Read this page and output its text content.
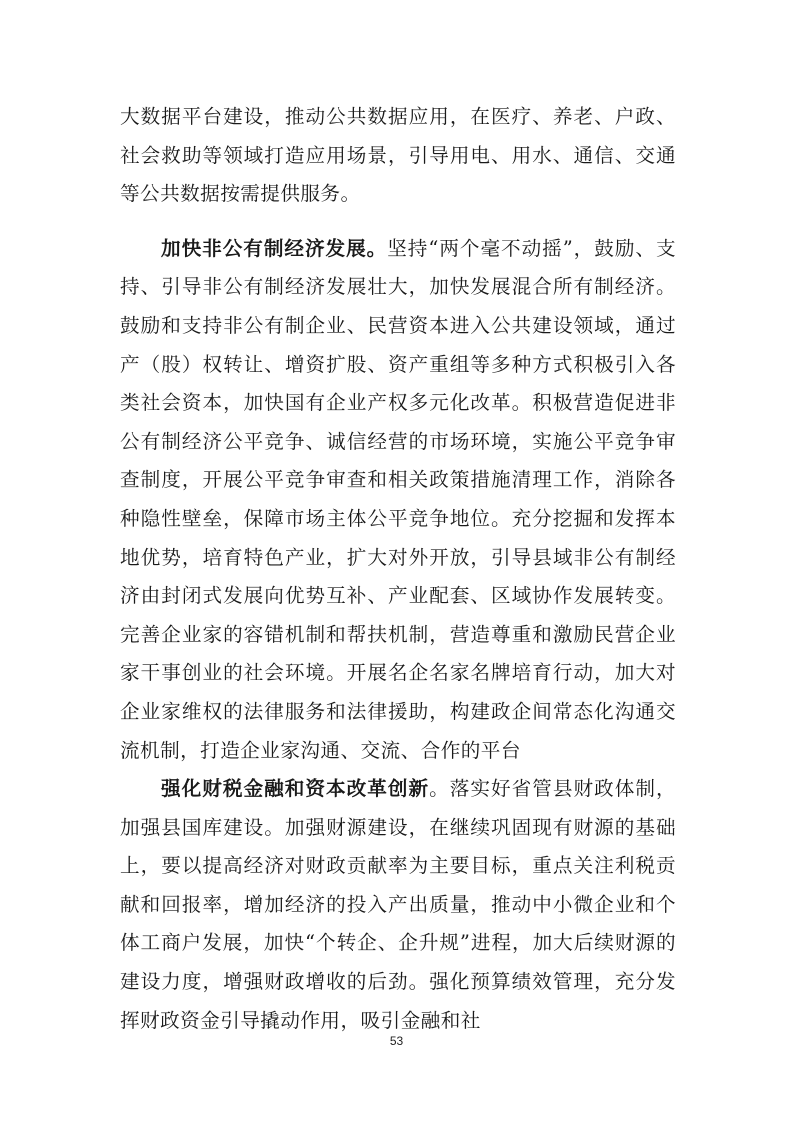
大数据平台建设，推动公共数据应用，在医疗、养老、户政、社会救助等领域打造应用场景，引导用电、用水、通信、交通等公共数据按需提供服务。

加快非公有制经济发展。坚持“两个毫不动摇”，鼓励、支持、引导非公有制经济发展壮大，加快发展混合所有制经济。鼓励和支持非公有制企业、民营资本进入公共建设领域，通过产（股）权转让、增资扩股、资产重组等多种方式积极引入各类社会资本，加快国有企业产权多元化改革。积极营造促进非公有制经济公平竞争、诚信经营的市场环境，实施公平竞争审查制度，开展公平竞争审查和相关政策措施清理工作，消除各种隐性壁垒，保障市场主体公平竞争地位。充分挖掘和发挥本地优势，培育特色产业，扩大对外开放，引导县域非公有制经济由封闭式发展向优势互补、产业配套、区域协作发展转变。完善企业家的容错机制和帮扶机制，营造尊重和激励民营企业家干事创业的社会环境。开展名企名家名牌培育行动，加大对企业家维权的法律服务和法律援助，构建政企间常态化沟通交流机制，打造企业家沟通、交流、合作的平台

强化财税金融和资本改革创新。落实好省管县财政体制，加强县国库建设。加强财源建设，在继续巩固现有财源的基础上，要以提高经济对财政贡献率为主要目标，重点关注利税贡献和回报率，增加经济的投入产出质量，推动中小微企业和个体工商户发展，加快“个转企、企升规”进程，加大后续财源的建设力度，增强财政增收的后劲。强化预算绩效管理，充分发挥财政资金引导撬动作用，吸引金融和社

53
